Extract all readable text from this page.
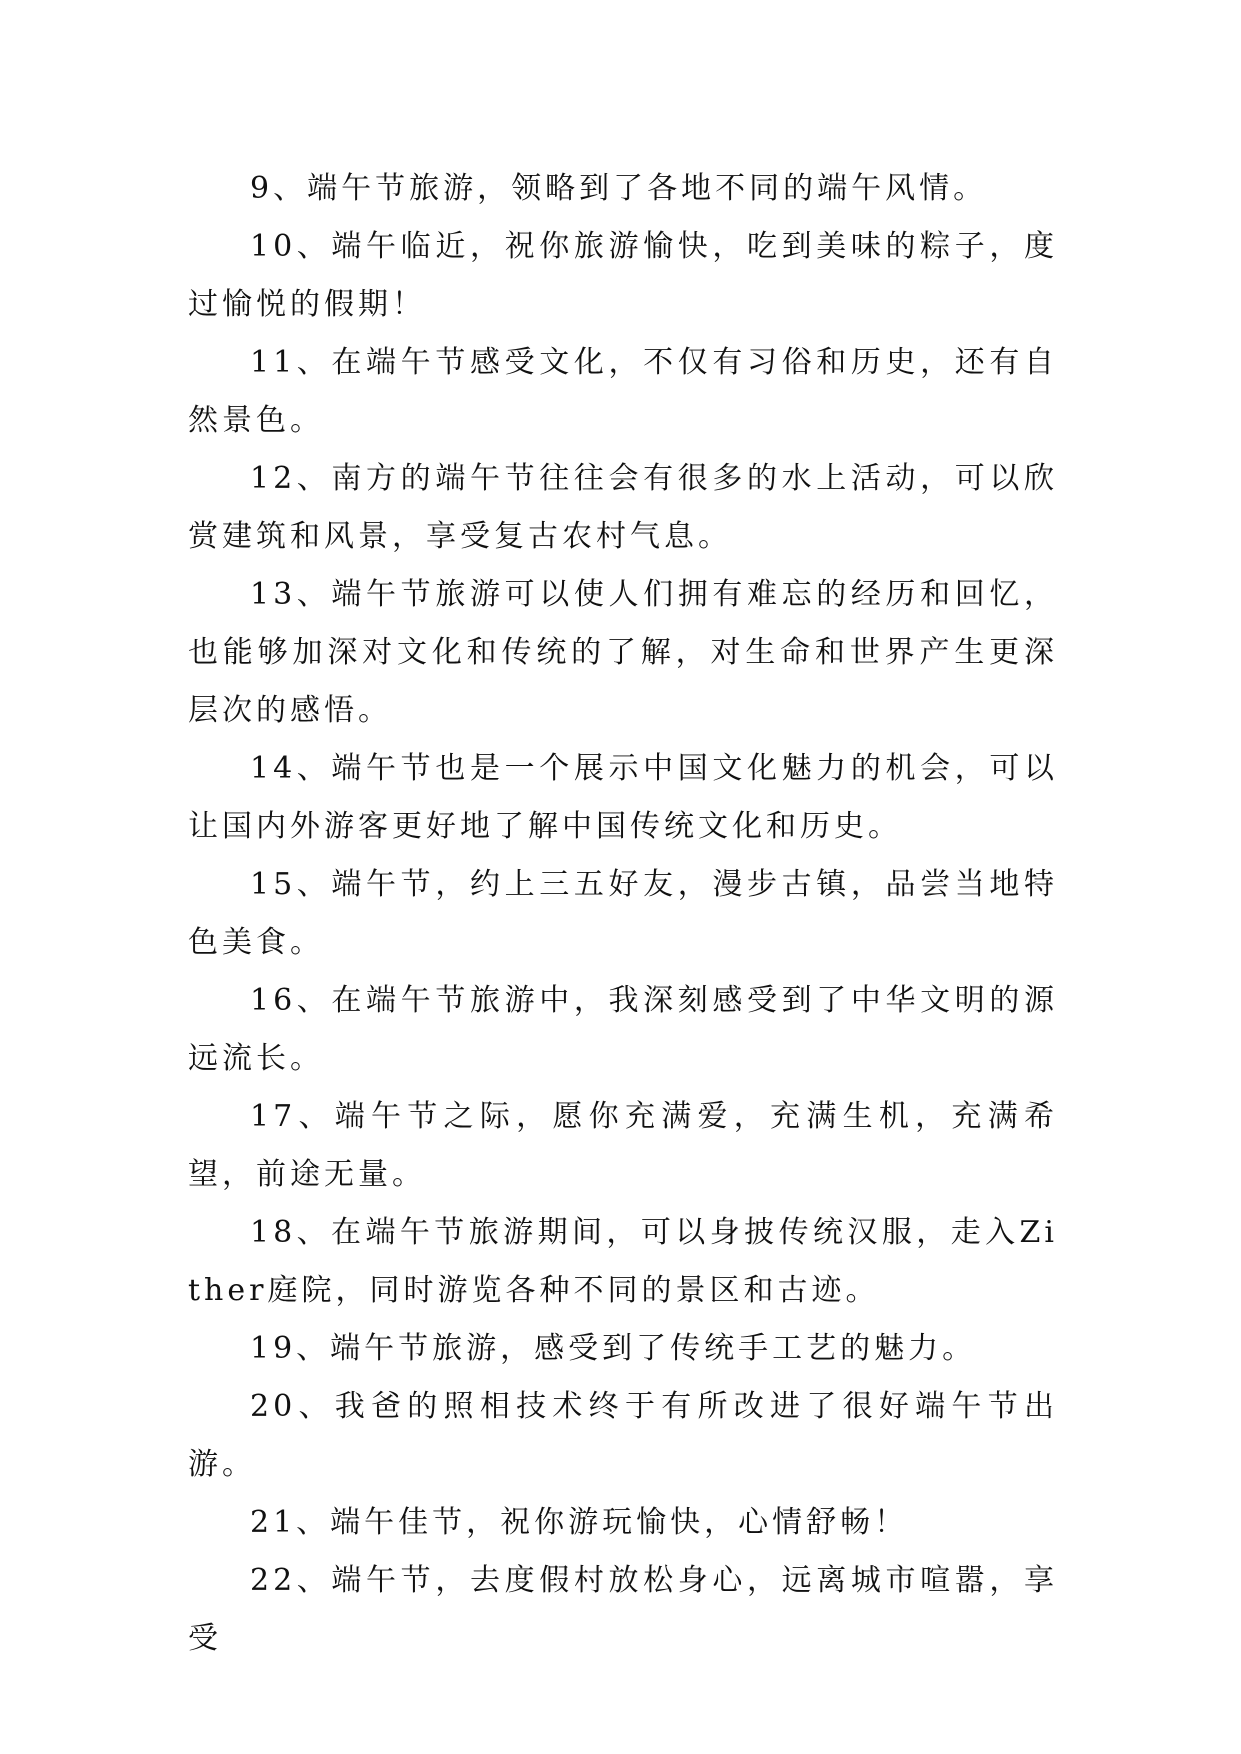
9、端午节旅游，领略到了各地不同的端午风情。

10、端午临近，祝你旅游愉快，吃到美味的粽子，度过愉悦的假期！

11、在端午节感受文化，不仅有习俗和历史，还有自然景色。

12、南方的端午节往往会有很多的水上活动，可以欣赏建筑和风景，享受复古农村气息。

13、端午节旅游可以使人们拥有难忘的经历和回忆，也能够加深对文化和传统的了解，对生命和世界产生更深层次的感悟。

14、端午节也是一个展示中国文化魅力的机会，可以让国内外游客更好地了解中国传统文化和历史。

15、端午节，约上三五好友，漫步古镇，品尝当地特色美食。

16、在端午节旅游中，我深刻感受到了中华文明的源远流长。

17、端午节之际，愿你充满爱，充满生机，充满希望，前途无量。

18、在端午节旅游期间，可以身披传统汉服，走入Zither庭院，同时游览各种不同的景区和古迹。

19、端午节旅游，感受到了传统手工艺的魅力。

20、我爸的照相技术终于有所改进了很好端午节出游。

21、端午佳节，祝你游玩愉快，心情舒畅！

22、端午节，去度假村放松身心，远离城市喧嚣，享受
